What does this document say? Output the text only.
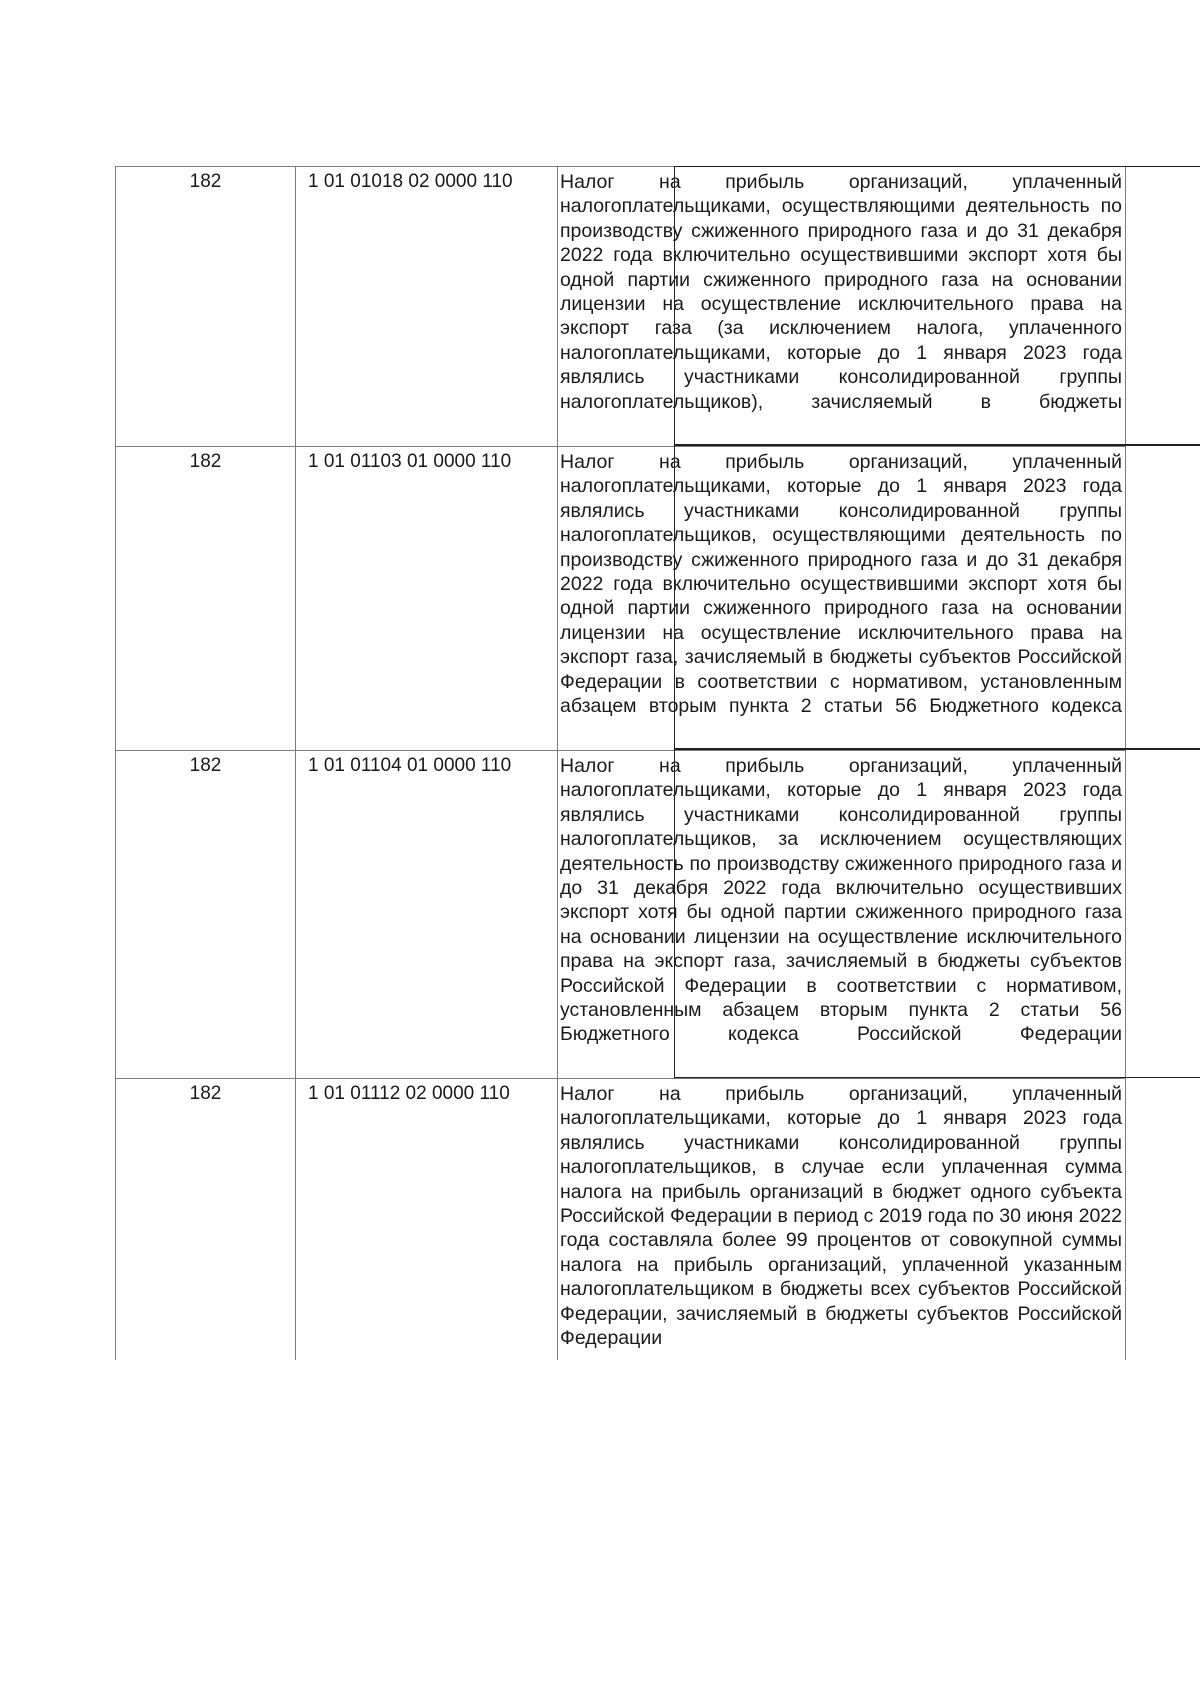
182	1 01 01018 02 0000 110	Налог на прибыль организаций, уплаченный налогоплательщиками, осуществляющими деятельность по производству сжиженного природного газа и до 31 декабря 2022 года включительно осуществившими экспорт хотя бы одной партии сжиженного природного газа на основании лицензии на осуществление исключительного права на экспорт газа (за исключением налога, уплаченного налогоплательщиками, которые до 1 января 2023 года являлись участниками консолидированной группы налогоплательщиков), зачисляемый в бюджеты

182	1 01 01103 01 0000 110	Налог на прибыль организаций, уплаченный налогоплательщиками, которые до 1 января 2023 года являлись участниками консолидированной группы налогоплательщиков, осуществляющими деятельность по производству сжиженного природного газа и до 31 декабря 2022 года включительно осуществившими экспорт хотя бы одной партии сжиженного природного газа на основании лицензии на осуществление исключительного права на экспорт газа, зачисляемый в бюджеты субъектов Российской Федерации в соответствии с нормативом, установленным абзацем вторым пункта 2 статьи 56 Бюджетного кодекса

182	1 01 01104 01 0000 110	Налог на прибыль организаций, уплаченный налогоплательщиками, которые до 1 января 2023 года являлись участниками консолидированной группы налогоплательщиков, за исключением осуществляющих деятельность по производству сжиженного природного газа и до 31 декабря 2022 года включительно осуществивших экспорт хотя бы одной партии сжиженного природного газа на основании лицензии на осуществление исключительного права на экспорт газа, зачисляемый в бюджеты субъектов Российской Федерации в соответствии с нормативом, установленным абзацем вторым пункта 2 статьи 56 Бюджетного кодекса Российской Федерации

182	1 01 01112 02 0000 110	Налог на прибыль организаций, уплаченный налогоплательщиками, которые до 1 января 2023 года являлись участниками консолидированной группы налогоплательщиков, в случае если уплаченная сумма налога на прибыль организаций в бюджет одного субъекта Российской Федерации в период с 2019 года по 30 июня 2022 года составляла более 99 процентов от совокупной суммы налога на прибыль организаций, уплаченной указанным налогоплательщиком в бюджеты всех субъектов Российской Федерации, зачисляемый в бюджеты субъектов Российской Федерации
